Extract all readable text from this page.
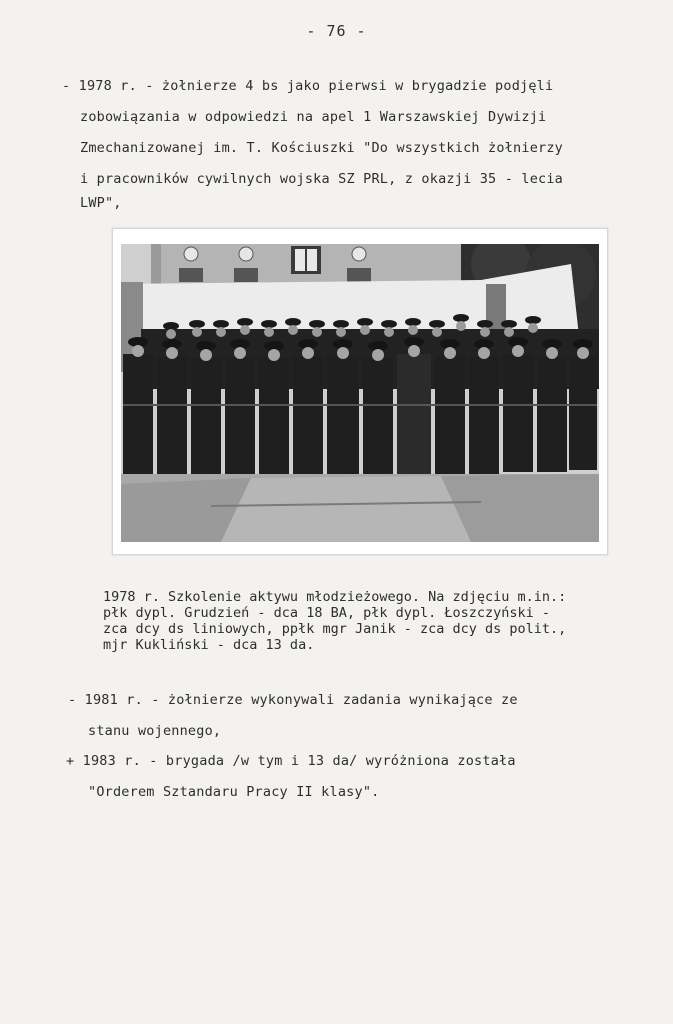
- 76 -
- 1978 r. - żołnierze 4 bs jako pierwsi w brygadzie podjęli
zobowiązania w odpowiedzi na apel 1 Warszawskiej Dywizji
Zmechanizowanej im. T. Kościuszki "Do wszystkich żołnierzy
i pracowników cywilnych wojska SZ PRL, z okazji 35 - lecia
LWP",
1978 r. Szkolenie aktywu młodzieżowego. Na zdjęciu m.in.:
płk dypl. Grudzień - dca 18 BA, płk dypl. Łoszczyński -
zca dcy ds liniowych, ppłk mgr Janik - zca dcy ds polit.,
mjr Kukliński - dca 13 da.
- 1981 r. - żołnierze wykonywali zadania wynikające ze
stanu wojennego,
+ 1983 r. - brygada /w tym i 13 da/ wyróżniona została
"Orderem Sztandaru Pracy II klasy".
